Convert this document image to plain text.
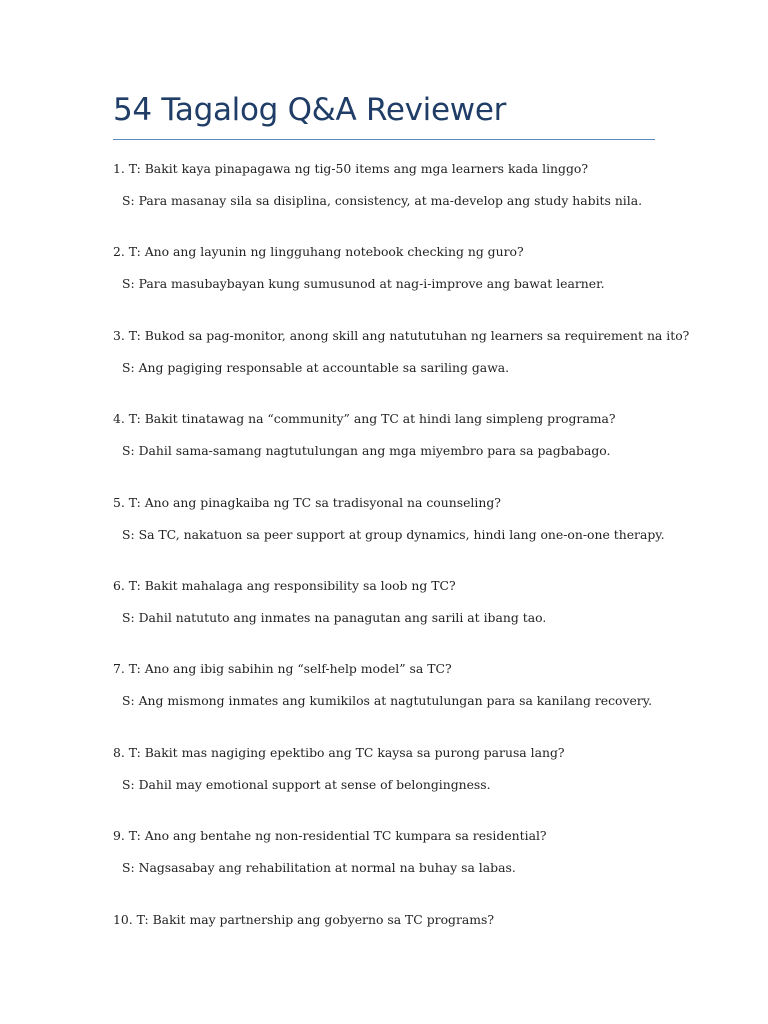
54 Tagalog Q&A Reviewer
1. T: Bakit kaya pinapagawa ng tig-50 items ang mga learners kada linggo?
S: Para masanay sila sa disiplina, consistency, at ma-develop ang study habits nila.
2. T: Ano ang layunin ng lingguhang notebook checking ng guro?
S: Para masubaybayan kung sumusunod at nag-i-improve ang bawat learner.
3. T: Bukod sa pag-monitor, anong skill ang natututuhan ng learners sa requirement na ito?
S: Ang pagiging responsable at accountable sa sariling gawa.
4. T: Bakit tinatawag na “community” ang TC at hindi lang simpleng programa?
S: Dahil sama-samang nagtutulungan ang mga miyembro para sa pagbabago.
5. T: Ano ang pinagkaiba ng TC sa tradisyonal na counseling?
S: Sa TC, nakatuon sa peer support at group dynamics, hindi lang one-on-one therapy.
6. T: Bakit mahalaga ang responsibility sa loob ng TC?
S: Dahil natututo ang inmates na panagutan ang sarili at ibang tao.
7. T: Ano ang ibig sabihin ng “self-help model” sa TC?
S: Ang mismong inmates ang kumikilos at nagtutulungan para sa kanilang recovery.
8. T: Bakit mas nagiging epektibo ang TC kaysa sa purong parusa lang?
S: Dahil may emotional support at sense of belongingness.
9. T: Ano ang bentahe ng non-residential TC kumpara sa residential?
S: Nagsasabay ang rehabilitation at normal na buhay sa labas.
10. T: Bakit may partnership ang gobyerno sa TC programs?
